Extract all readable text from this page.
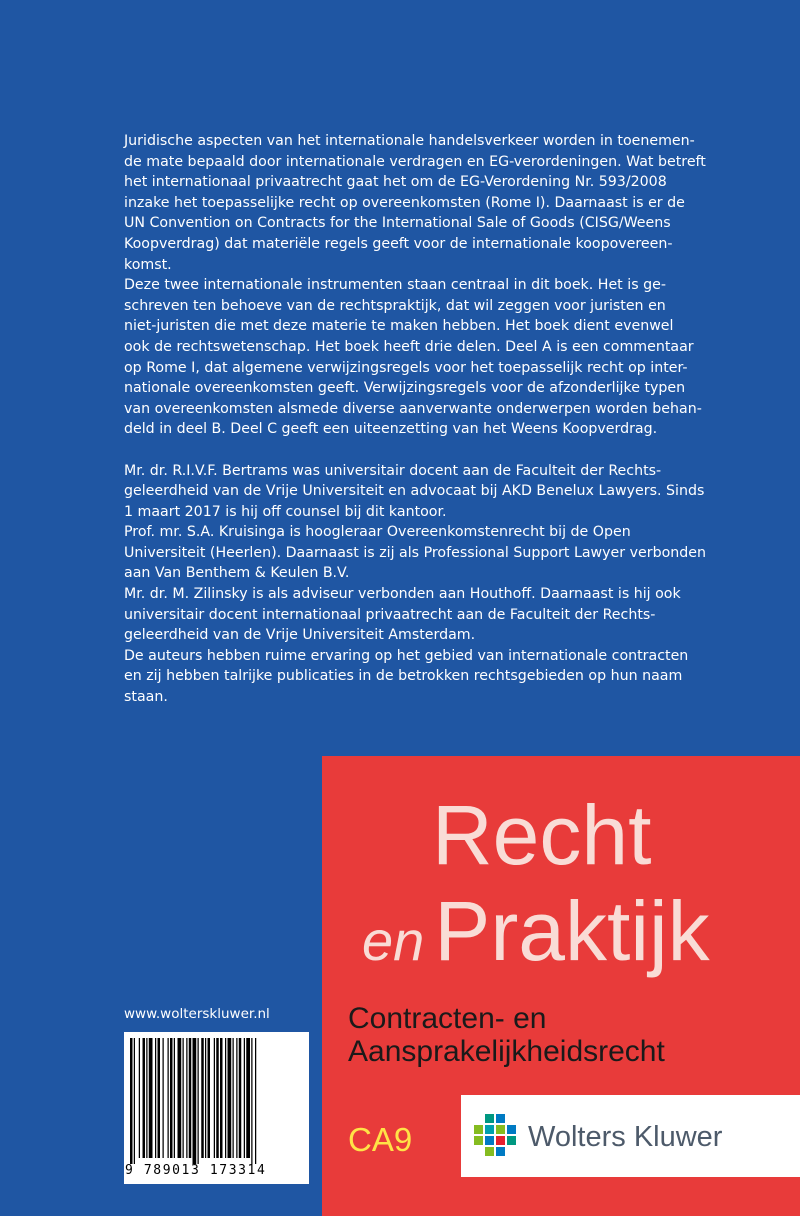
Juridische aspecten van het internationale handelsverkeer worden in toenemen-

de mate bepaald door internationale verdragen en EG-verordeningen. Wat betreft

het internationaal privaatrecht gaat het om de EG-Verordening Nr. 593/2008

inzake het toepasselijke recht op overeenkomsten (Rome I). Daarnaast is er de

UN Convention on Contracts for the International Sale of Goods (CISG/Weens

Koopverdrag) dat materiële regels geeft voor de internationale koopovereen-

komst.

Deze twee internationale instrumenten staan centraal in dit boek. Het is ge-

schreven ten behoeve van de rechtspraktijk, dat wil zeggen voor juristen en

niet-juristen die met deze materie te maken hebben. Het boek dient evenwel

ook de rechtswetenschap. Het boek heeft drie delen. Deel A is een commentaar

op Rome I, dat algemene verwijzingsregels voor het toepasselijk recht op inter-

nationale overeenkomsten geeft. Verwijzingsregels voor de afzonderlijke typen

van overeenkomsten alsmede diverse aanverwante onderwerpen worden behan-

deld in deel B. Deel C geeft een uiteenzetting van het Weens Koopverdrag.

Mr. dr. R.I.V.F. Bertrams was universitair docent aan de Faculteit der Rechts-

geleerdheid van de Vrije Universiteit en advocaat bij AKD Benelux Lawyers. Sinds

1 maart 2017 is hij off counsel bij dit kantoor.

Prof. mr. S.A. Kruisinga is hoogleraar Overeenkomstenrecht bij de Open

Universiteit (Heerlen). Daarnaast is zij als Professional Support Lawyer verbonden

aan Van Benthem & Keulen B.V.

Mr. dr. M. Zilinsky is als adviseur verbonden aan Houthoff. Daarnaast is hij ook

universitair docent internationaal privaatrecht aan de Faculteit der Rechts-

geleerdheid van de Vrije Universiteit Amsterdam.

De auteurs hebben ruime ervaring op het gebied van internationale contracten

en zij hebben talrijke publicaties in de betrokken rechtsgebieden op hun naam

staan.

Recht
en Praktijk
Contracten- en
Aansprakelijkheidsrecht
CA9	Wolters Kluwer
www.wolterskluwer.nl
9 789013 173314
